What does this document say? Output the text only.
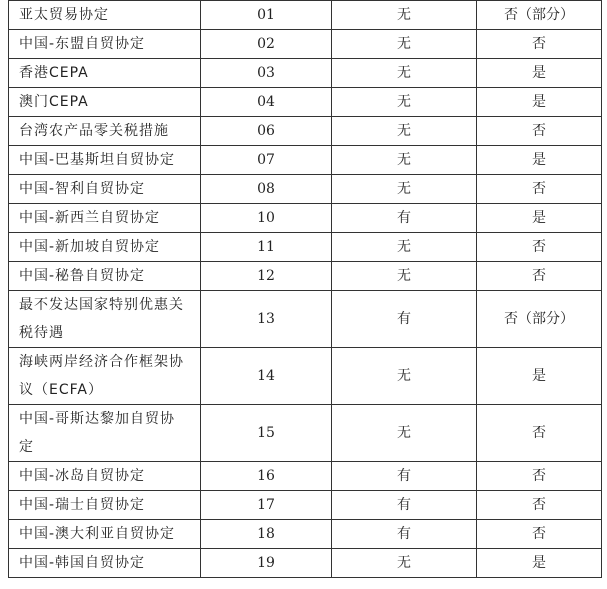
亚太贸易协定	01	无	否（部分）
中国-东盟自贸协定	02	无	否
香港CEPA	03	无	是
澳门CEPA	04	无	是
台湾农产品零关税措施	06	无	否
中国-巴基斯坦自贸协定	07	无	是
中国-智利自贸协定	08	无	否
中国-新西兰自贸协定	10	有	是
中国-新加坡自贸协定	11	无	否
中国-秘鲁自贸协定	12	无	否
最不发达国家特别优惠关
税待遇	13	有	否（部分）
海峡两岸经济合作框架协
议（ECFA）	14	无	是
中国-哥斯达黎加自贸协
定	15	无	否
中国-冰岛自贸协定	16	有	否
中国-瑞士自贸协定	17	有	否
中国-澳大利亚自贸协定	18	有	否
中国-韩国自贸协定	19	无	是
